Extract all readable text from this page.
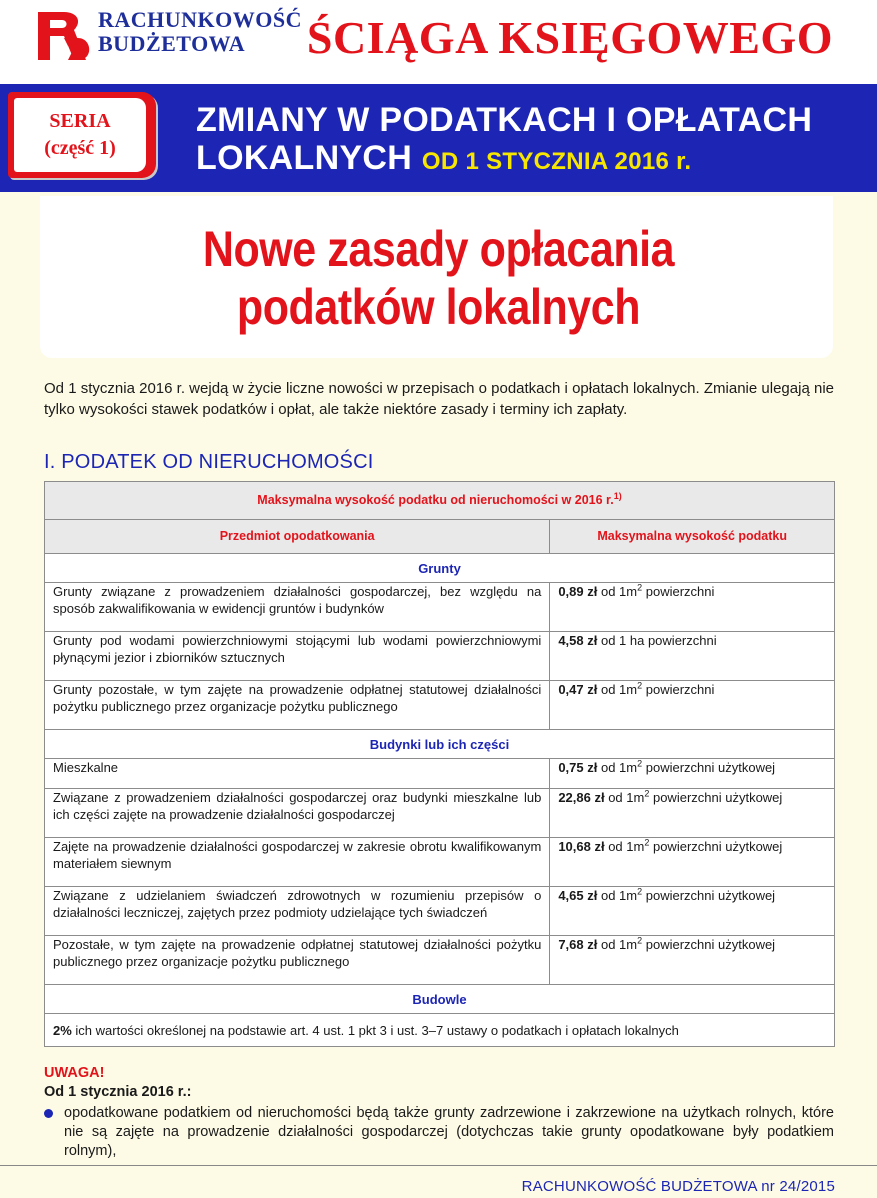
RACHUNKOWOŚĆ
BUDŻETOWA	ŚCIĄGA KSIĘGOWEGO
SERIA
(część 1)
ZMIANY W PODATKACH I OPŁATACH
LOKALNYCH OD 1 STYCZNIA 2016 r.
Nowe zasady opłacania
podatków lokalnych

Od 1 stycznia 2016 r. wejdą w życie liczne nowości w przepisach o podatkach i opłatach lokalnych. Zmianie ulegają nie tylko wysokości stawek podatków i opłat, ale także niektóre zasady i terminy ich zapłaty.

I. PODATEK OD NIERUCHOMOŚCI
Maksymalna wysokość podatku od nieruchomości w 2016 r.$^{1)}$
Przedmiot opodatkowania	Maksymalna wysokość podatku
Grunty	
Grunty związane z prowadzeniem działalności gospodarczej, bez względu na sposób zakwalifikowania w ewidencji gruntów i budynków	0,89 zł od $1m^2$ powierzchni
Grunty pod wodami powierzchniowymi stojącymi lub wodami powierzchniowymi płynącymi jezior i zbiorników sztucznych	4,58 zł od 1 ha powierzchni
Grunty pozostałe, w tym zajęte na prowadzenie odpłatnej statutowej działalności pożytku publicznego przez organizacje pożytku publicznego	0,47 zł od $1m^2$ powierzchni
Budynki lub ich części	
Mieszkalne	0,75 zł od $1m^2$ powierzchni użytkowej
Związane z prowadzeniem działalności gospodarczej oraz budynki mieszkalne lub ich części zajęte na prowadzenie działalności gospodarczej	22,86 zł od $1m^2$ powierzchni użytkowej
Zajęte na prowadzenie działalności gospodarczej w zakresie obrotu kwalifikowanym materiałem siewnym	10,68 zł od $1m^2$ powierzchni użytkowej
Związane z udzielaniem świadczeń zdrowotnych w rozumieniu przepisów o działalności leczniczej, zajętych przez podmioty udzielające tych świadczeń	4,65 zł od $1m^2$ powierzchni użytkowej
Pozostałe, w tym zajęte na prowadzenie odpłatnej statutowej działalności pożytku publicznego przez organizacje pożytku publicznego	7,68 zł od $1m^2$ powierzchni użytkowej
Budowle	
2% ich wartości określonej na podstawie art. 4 ust. 1 pkt 3 i ust. 3–7 ustawy o podatkach i opłatach lokalnych	
UWAGA!
Od 1 stycznia 2016 r.:
opodatkowane podatkiem od nieruchomości będą także grunty zadrzewione i zakrzewione na użytkach rolnych, które nie są zajęte na prowadzenie działalności gospodarczej (dotychczas takie grunty opodatkowane były podatkiem rolnym),
RACHUNKOWOŚĆ BUDŻETOWA nr 24/2015
